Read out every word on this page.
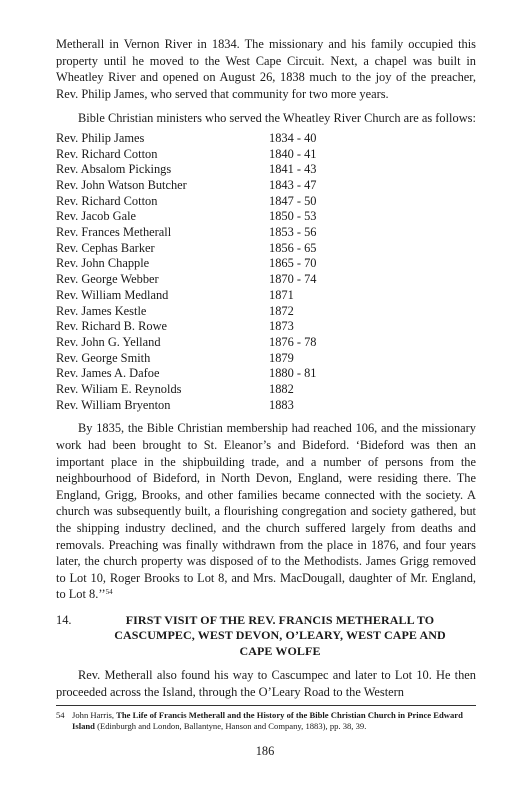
Metherall in Vernon River in 1834. The missionary and his family occupied this property until he moved to the West Cape Circuit. Next, a chapel was built in Wheatley River and opened on August 26, 1838 much to the joy of the preacher, Rev. Philip James, who served that community for two more years.

Bible Christian ministers who served the Wheatley River Church are as follows:

Rev. Philip James	1834 - 40
Rev. Richard Cotton	1840 - 41
Rev. Absalom Pickings	1841 - 43
Rev. John Watson Butcher	1843 - 47
Rev. Richard Cotton	1847 - 50
Rev. Jacob Gale	1850 - 53
Rev. Frances Metherall	1853 - 56
Rev. Cephas Barker	1856 - 65
Rev. John Chapple	1865 - 70
Rev. George Webber	1870 - 74
Rev. William Medland	1871
Rev. James Kestle	1872
Rev. Richard B. Rowe	1873
Rev. John G. Yelland	1876 - 78
Rev. George Smith	1879
Rev. James A. Dafoe	1880 - 81
Rev. Wiliam E. Reynolds	1882
Rev. William Bryenton	1883

By 1835, the Bible Christian membership had reached 106, and the missionary work had been brought to St. Eleanor’s and Bideford. ‘Bideford was then an important place in the shipbuilding trade, and a number of persons from the neighbourhood of Bideford, in North Devon, England, were residing there. The England, Grigg, Brooks, and other families became connected with the society. A church was subsequently built, a flourishing congregation and society gathered, but the shipping industry declined, and the church suffered largely from deaths and removals. Preaching was finally withdrawn from the place in 1876, and four years later, the church property was disposed of to the Methodists. James Grigg removed to Lot 10, Roger Brooks to Lot 8, and Mrs. MacDougall, daughter of Mr. England, to Lot 8.’’$^{54}$

14.	FIRST VISIT OF THE REV. FRANCIS METHERALL TO
CASCUMPEC, WEST DEVON, O’LEARY, WEST CAPE AND
CAPE WOLFE

Rev. Metherall also found his way to Cascumpec and later to Lot 10. He then proceeded across the Island, through the O’Leary Road to the Western

54 John Harris, The Life of Francis Metherall and the History of the Bible Christian Church in Prince Edward Island (Edinburgh and London, Ballantyne, Hanson and Company, 1883), pp. 38, 39.
186
